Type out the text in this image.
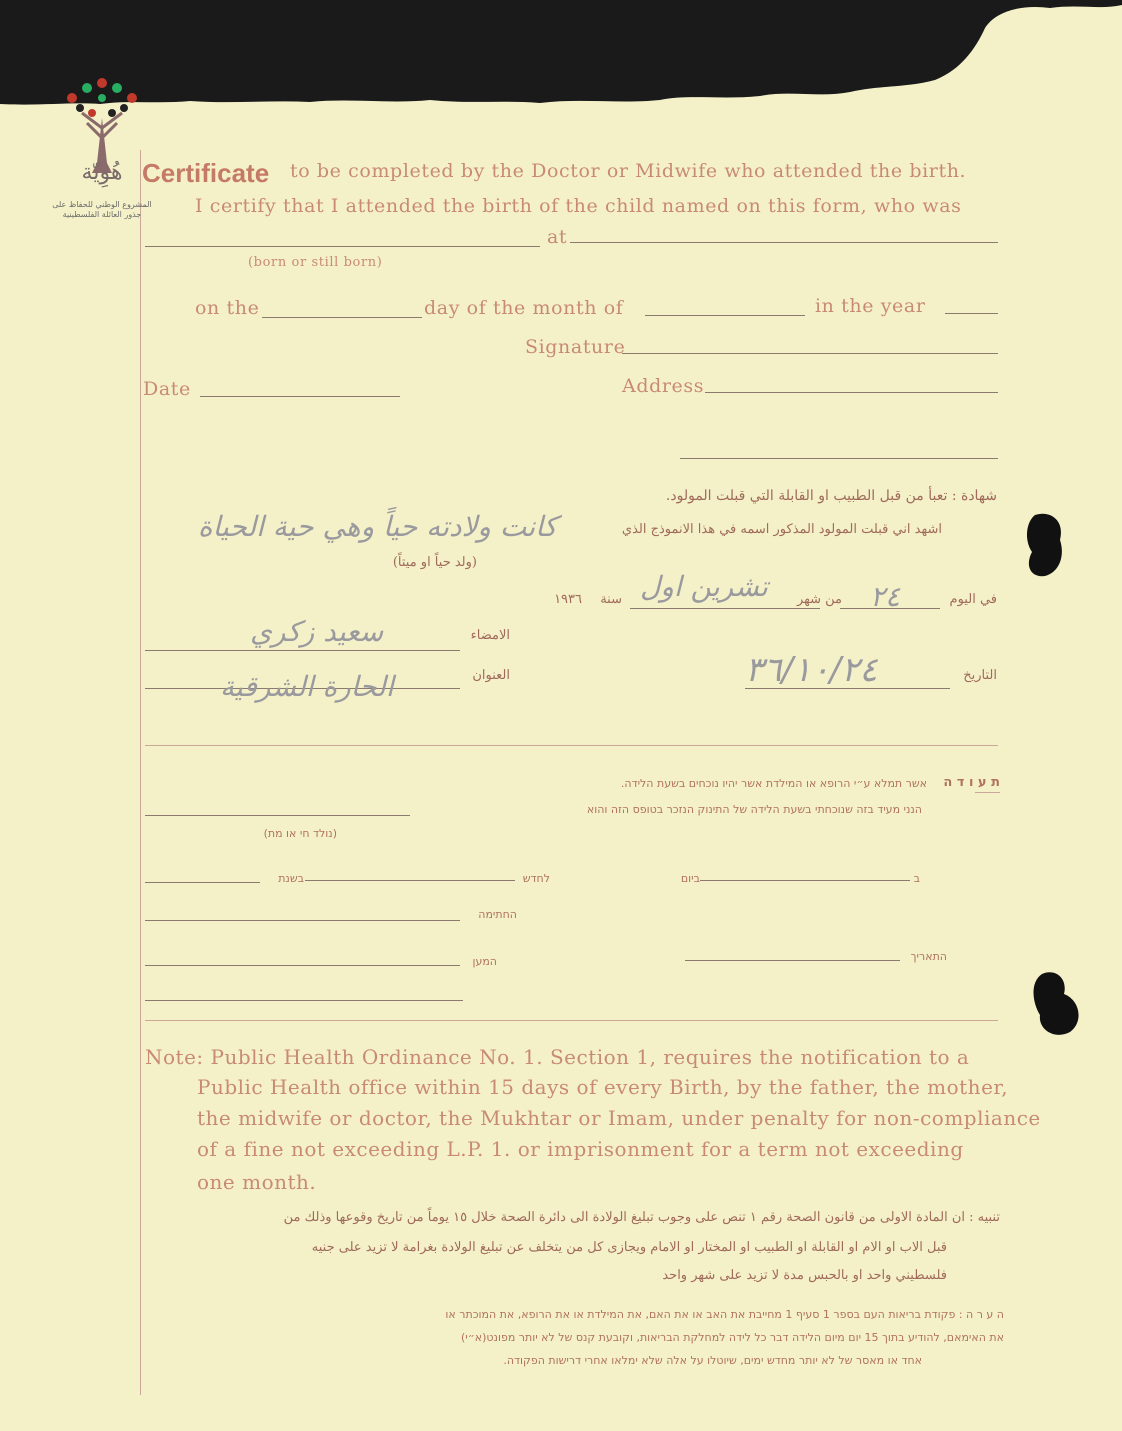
هُوِيّة
المشروع الوطني للحفاظ على جذور العائلة الفلسطينية
Certificate to be completed by the Doctor or Midwife who attended the birth.
I certify that I attended the birth of the child named on this form, who was
at
(born or still born)
on the	day of the month of	in the year
Signature
Date	Address
شهادة : تعبأ من قبل الطبيب او القابلة التي قبلت المولود.
اشهد اني قبلت المولود المذكور اسمه في هذا الانموذج الذي
كانت ولادته حياً وهي حية الحياة
(ولد حياً او ميتاً)
في اليوم
٢٤
من شهر
تشرين اول
سنة
١٩٣٦
الامضاء
سعيد زكري
العنوان
الحارة الشرقية	التاريخ
٣٦/١٠/٢٤
ת ע ו ד ה
אשר תמלא ע״י הרופא או המילדת אשר יהיו נוכחים בשעת הלידה.
הנני מעיד בזה שנוכחתי בשעת הלידה של התינוק הנזכר בטופס הזה והוא
(נולד חי או מת)
בשנת	לחדש	ביום	ב
החתימה
המען	התאריך
Note: Public Health Ordinance No. 1. Section 1, requires the notification to a
Public Health office within 15 days of every Birth, by the father, the mother,
the midwife or doctor, the Mukhtar or Imam, under penalty for non-compliance
of a fine not exceeding L.P. 1. or imprisonment for a term not exceeding
one month.
تنبيه : ان المادة الاولى من قانون الصحة رقم ١ تنص على وجوب تبليغ الولادة الى دائرة الصحة خلال ١٥ يوماً من تاريخ وقوعها وذلك من
قبل الاب او الام او القابلة او الطبيب او المختار او الامام ويجازى كل من يتخلف عن تبليغ الولادة بغرامة لا تزيد على جنيه
فلسطيني واحد او بالحبس مدة لا تزيد على شهر واحد
ה ע ר ה : פקודת בריאות העם בספר 1 סעיף 1 מחייבת את האב או את האם, את המילדת או את הרופא, את המוכתר או
את האימאם, להודיע בתוך 15 יום מיום הלידה דבר כל לידה למחלקת הבריאות, וקובעת קנס של לא יותר מפונט(א״י)
אחד או מאסר של לא יותר מחדש ימים, שיוטלו על אלה שלא ימלאו אחרי דרישות הפקודה.
